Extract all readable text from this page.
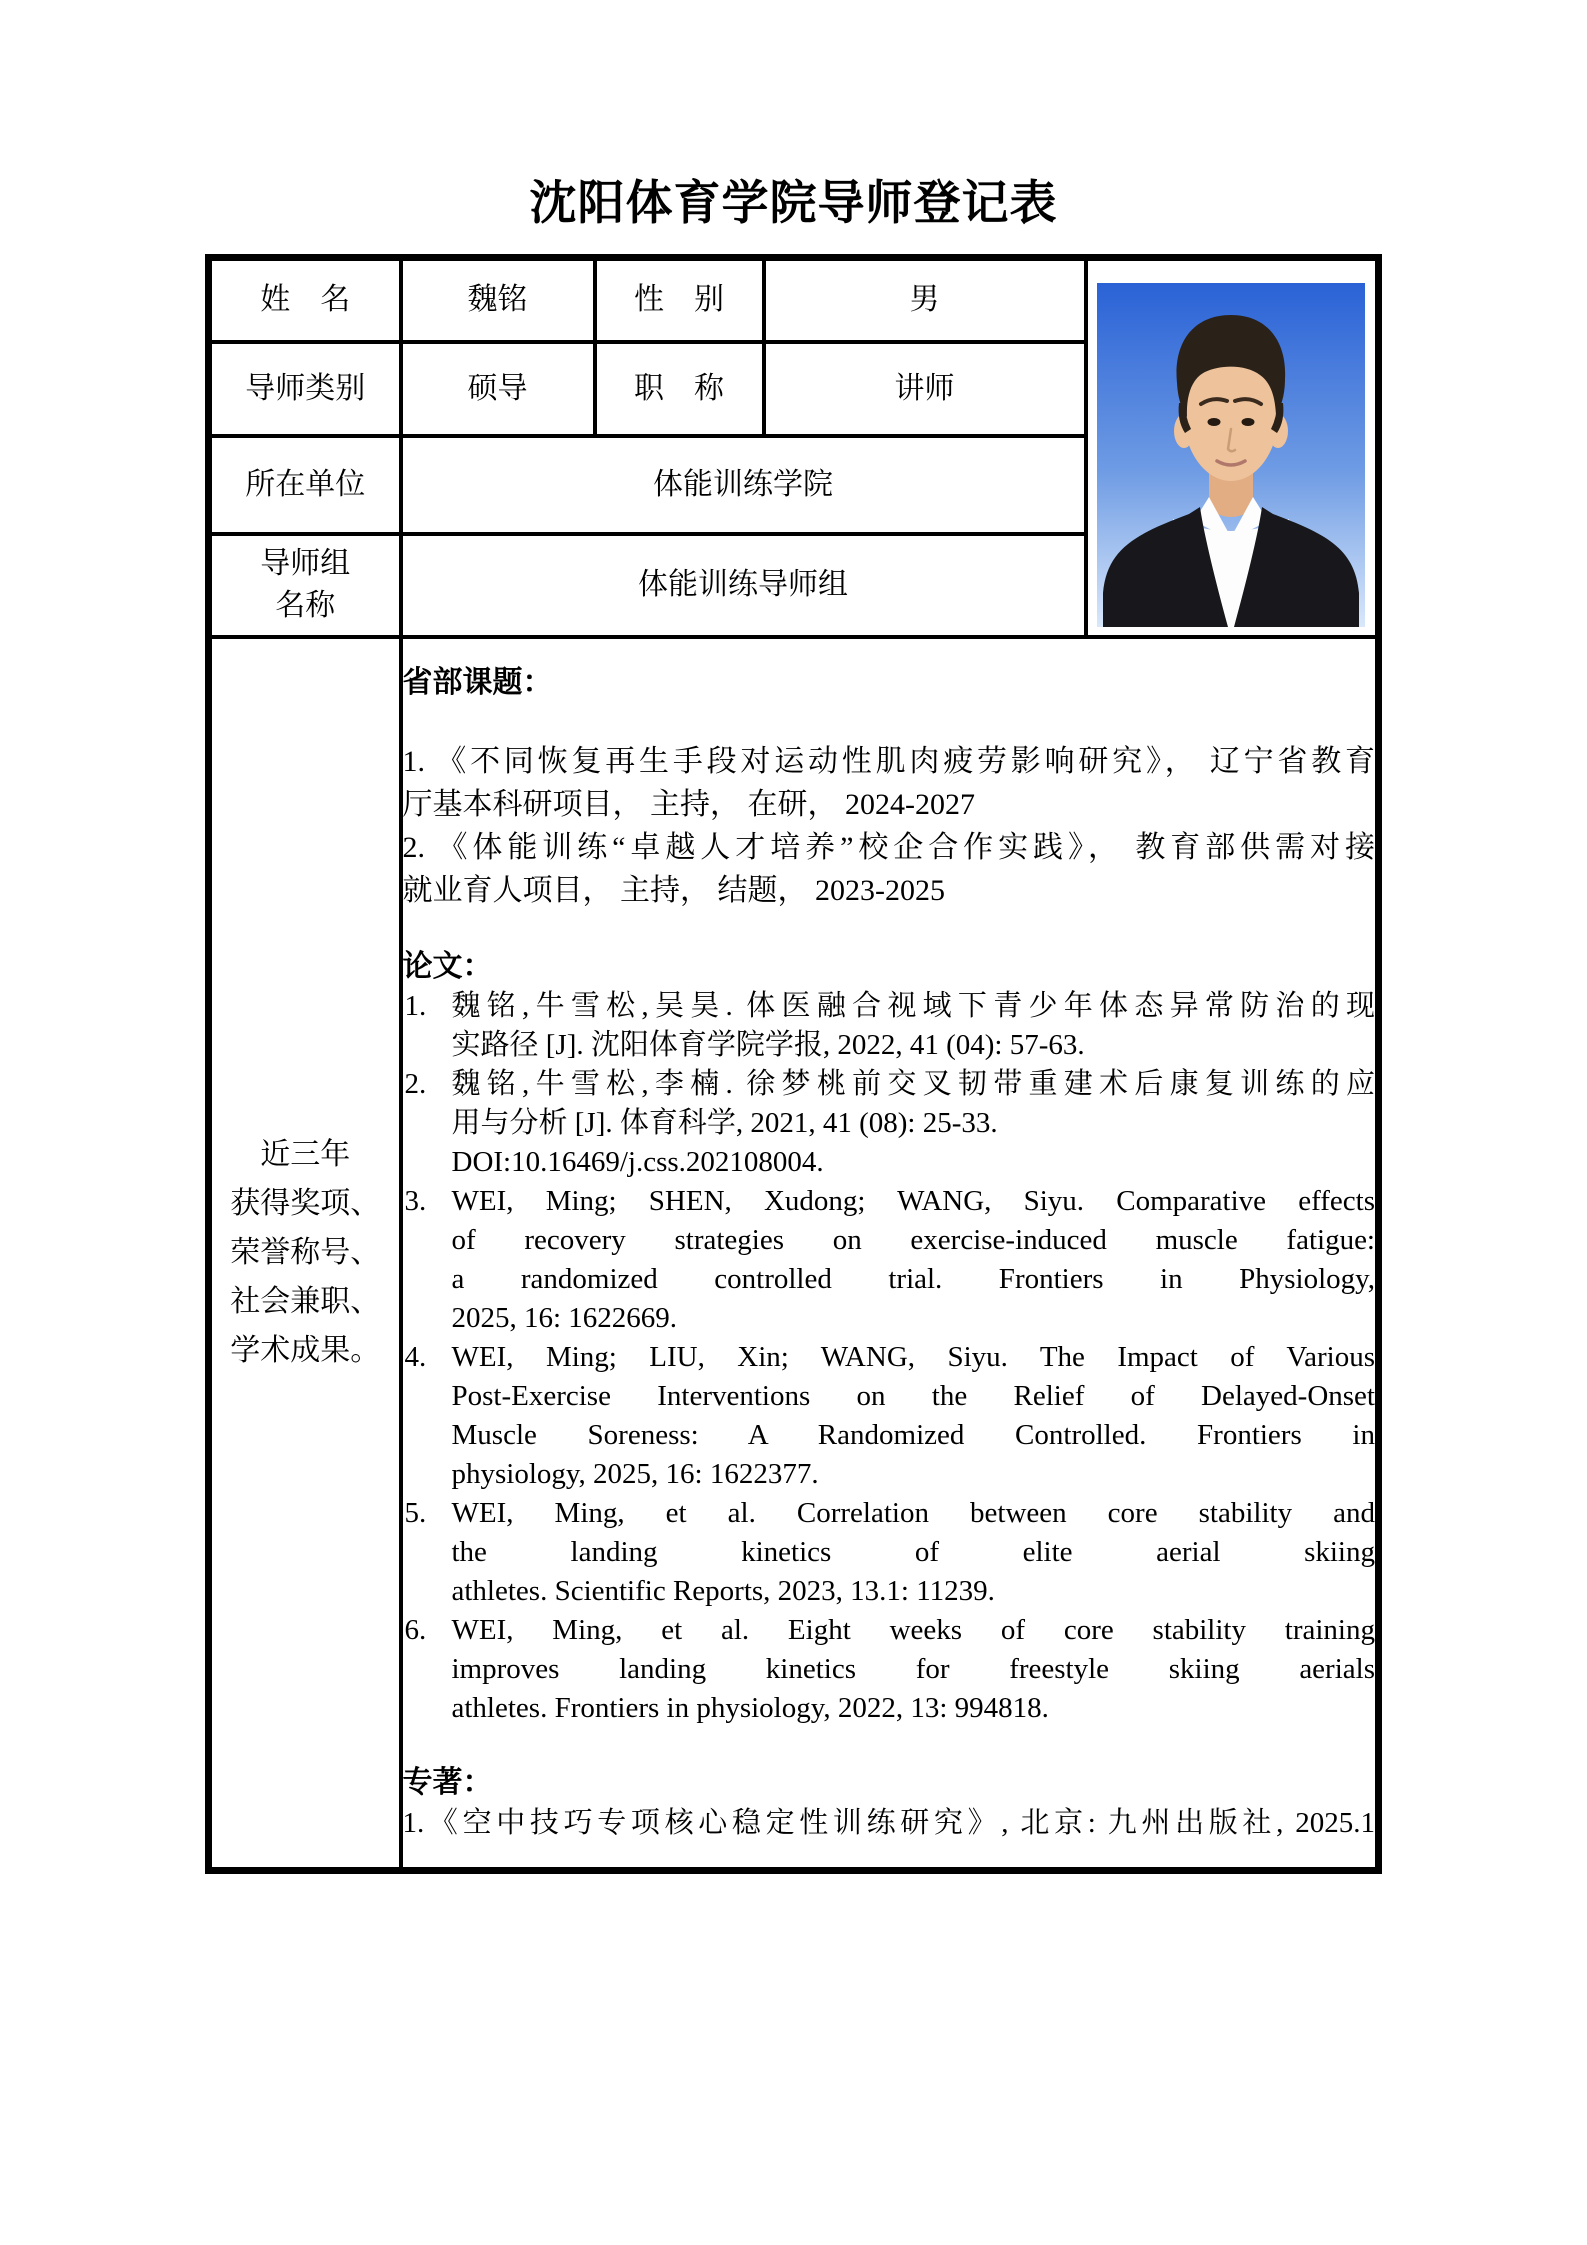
沈阳体育学院导师登记表
姓　名	魏铭	性　别	男	

导师类别	硕导	职　称	讲师	
所在单位	体能训练学院			

导师组
名称	体能训练导师组			

近三年
获得奖项、
荣誉称号、
社会兼职、
学术成果。

省部课题：
1. 《不同恢复再生手段对运动性肌肉疲劳影响研究》， 辽宁省教育
厅基本科研项目， 主持， 在研， 2024-2027
2. 《体能训练“卓越人才培养”校企合作实践》， 教育部供需对接
就业育人项目， 主持， 结题， 2023-2025
论文：
1. 魏铭,牛雪松,吴昊. 体医融合视域下青少年体态异常防治的现
实路径 [J]. 沈阳体育学院学报, 2022, 41 (04): 57-63.
2. 魏铭,牛雪松,李楠. 徐梦桃前交叉韧带重建术后康复训练的应
用与分析 [J]. 体育科学, 2021, 41 (08): 25-33.
DOI:10.16469/j.css.202108004.
3. WEI, Ming; SHEN, Xudong; WANG, Siyu. Comparative effects
of recovery strategies on exercise-induced muscle fatigue:
a randomized controlled trial. Frontiers in Physiology,
2025, 16: 1622669.
4. WEI, Ming; LIU, Xin; WANG, Siyu. The Impact of Various
Post-Exercise Interventions on the Relief of Delayed-Onset
Muscle Soreness: A Randomized Controlled. Frontiers in
physiology, 2025, 16: 1622377.
5. WEI, Ming, et al. Correlation between core stability and
the landing kinetics of elite aerial skiing
athletes. Scientific Reports, 2023, 13.1: 11239.
6. WEI, Ming, et al. Eight weeks of core stability training
improves landing kinetics for freestyle skiing aerials
athletes. Frontiers in physiology, 2022, 13: 994818.
专著：
1.《空中技巧专项核心稳定性训练研究》, 北京: 九州出版社, 2025.1
